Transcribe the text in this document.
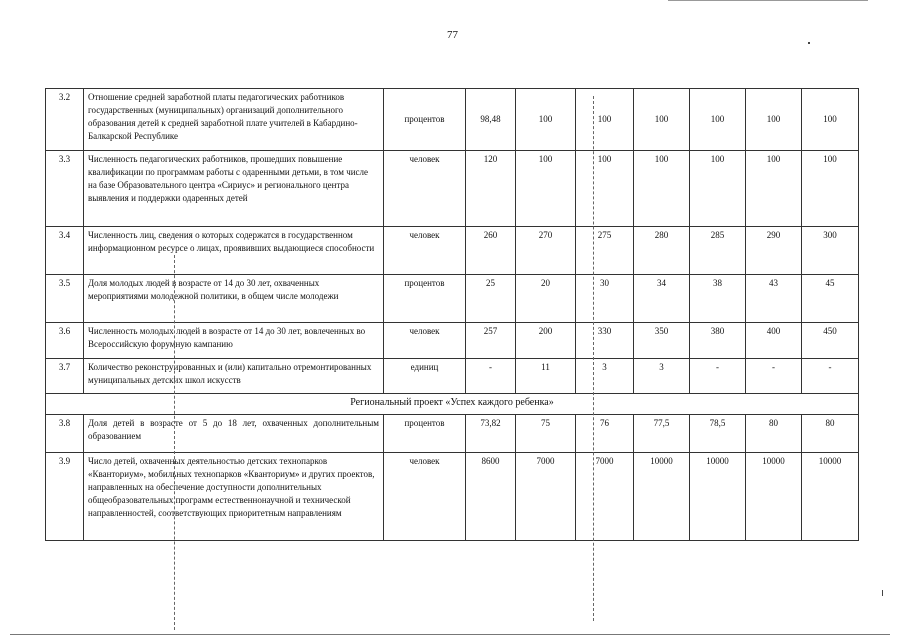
77
3.2	Отношение средней заработной платы педагогических работников государственных (муниципальных) организаций дополнительного образования детей к средней заработной плате учителей в Кабардино-Балкарской Республике	процентов	98,48	100	100	100	100	100	100
3.3	Численность педагогических работников, прошедших повышение квалификации по программам работы с одаренными детьми, в том числе на базе Образовательного центра «Сириус» и регионального центра выявления и поддержки одаренных детей	человек	120	100	100	100	100	100	100
3.4	Численность лиц, сведения о которых содержатся в государственном информационном ресурсе о лицах, проявивших выдающиеся способности	человек	260	270	275	280	285	290	300
3.5	Доля молодых людей в возрасте от 14 до 30 лет, охваченных мероприятиями молодежной политики, в общем числе молодежи	процентов	25	20	30	34	38	43	45
3.6	Численность молодых людей в возрасте от 14 до 30 лет, вовлеченных во Всероссийскую форумную кампанию	человек	257	200	330	350	380	400	450
3.7	Количество реконструированных и (или) капитально отремонтированных муниципальных детских школ искусств	единиц	-	11	3	3	-	-	-
Региональный проект «Успех каждого ребенка»									
3.8	Доля детей в возрасте от 5 до 18 лет, охваченных дополнительным образованием	процентов	73,82	75	76	77,5	78,5	80	80
3.9	Число детей, охваченных деятельностью детских технопарков «Кванториум», мобильных технопарков «Кванториум» и других проектов, направленных на обеспечение доступности дополнительных общеобразовательных программ естественнонаучной и технической направленностей, соответствующих приоритетным направлениям	человек	8600	7000	7000	10000	10000	10000	10000
